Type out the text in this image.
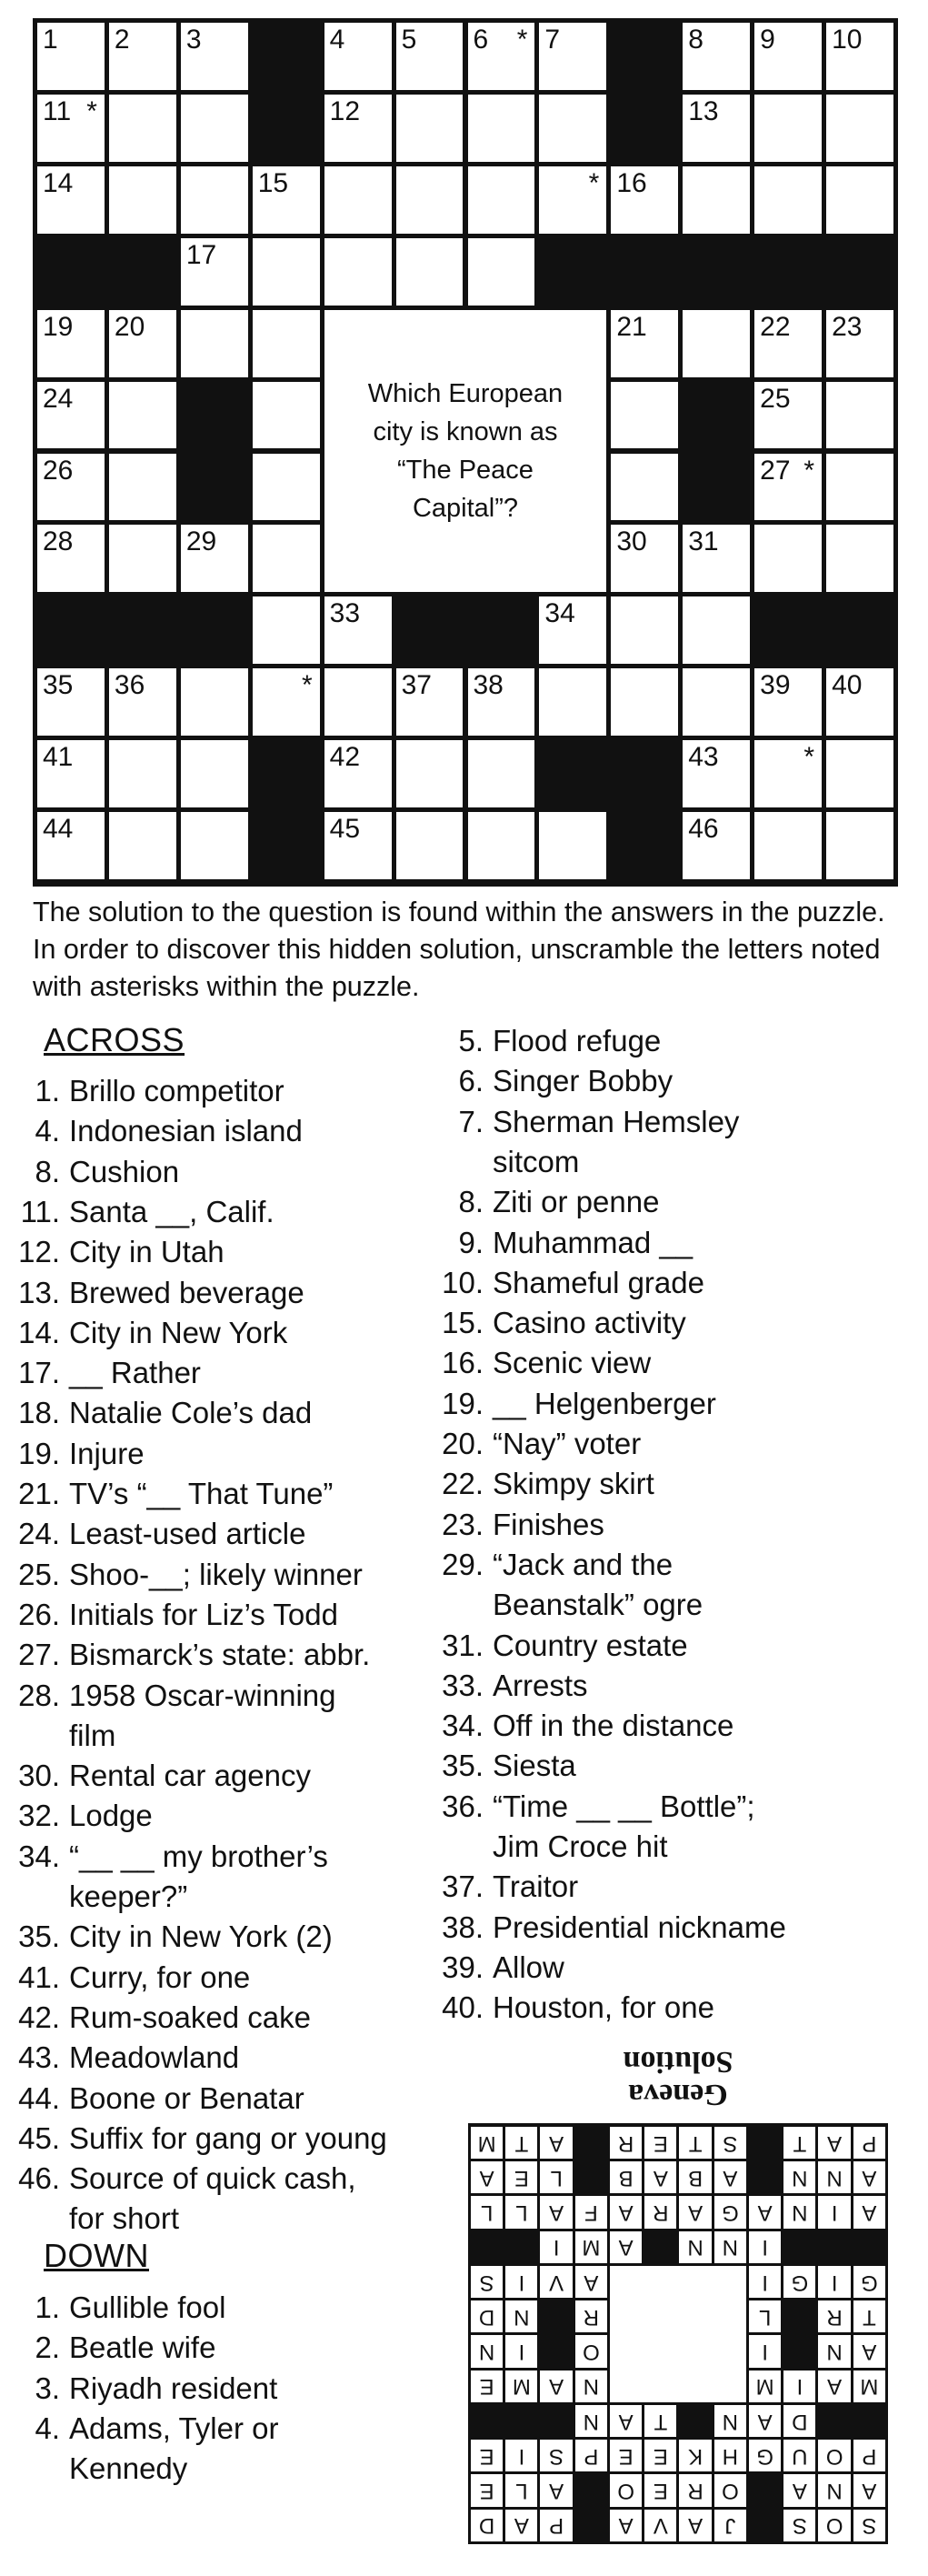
1 2 3	4 5 6 * 7	8 9 10
11 *	12	13
14	15	* 16
17
19 20	21	22 23
24	25
26	27 *
28	29	30 31
33	34
35 36	*	37 38	39 40
41	42	43	*
44	45	46
Which European city is known as “The Peace Capital”?
The solution to the question is found within the answers in the puzzle. In order to discover this hidden solution, unscramble the letters noted with asterisks within the puzzle.
ACROSS
1. Brillo competitor
4. Indonesian island
8. Cushion
11. Santa __, Calif.
12. City in Utah
13. Brewed beverage
14. City in New York
17. __ Rather
18. Natalie Cole’s dad
19. Injure
21. TV’s “__ That Tune”
24. Least-used article
25. Shoo-__; likely winner
26. Initials for Liz’s Todd
27. Bismarck’s state: abbr.
28. 1958 Oscar-winning
film
30. Rental car agency
32. Lodge
34. “__ __ my brother’s
keeper?”
35. City in New York (2)
41. Curry, for one
42. Rum-soaked cake
43. Meadowland
44. Boone or Benatar
45. Suffix for gang or young
46. Source of quick cash,
for short
DOWN
1. Gullible fool
2. Beatle wife
3. Riyadh resident
4. Adams, Tyler or
Kennedy
5. Flood refuge
6. Singer Bobby
7. Sherman Hemsley
sitcom
8. Ziti or penne
9. Muhammad __
10. Shameful grade
15. Casino activity
16. Scenic view
19. __ Helgenberger
20. “Nay” voter
22. Skimpy skirt
23. Finishes
29. “Jack and the
Beanstalk” ogre
31. Country estate
33. Arrests
34. Off in the distance
35. Siesta
36. “Time __ __ Bottle”;
Jim Croce hit
37. Traitor
38. Presidential nickname
39. Allow
40. Houston, for one
S
O
S
J
A
V
A
P
A
D
A
N
A
O
R
E
O
A
L
E
P
O
U
G
H
K
E
E
P
S
I
E
D
A
N
T
A
N
M
A
I
M
N
A
M
E
A
N
I
O
I
N
T
R
L
R
N
D
G
I
G
I
A
V
I
S
I
N
N
A
M
I
A
I
N
A
G
A
R
A
F
A
L
L
A
N
N
A
B
A
B
L
E
A
P
A
T
S
T
E
R
A
T
M
Geneva
Solution
